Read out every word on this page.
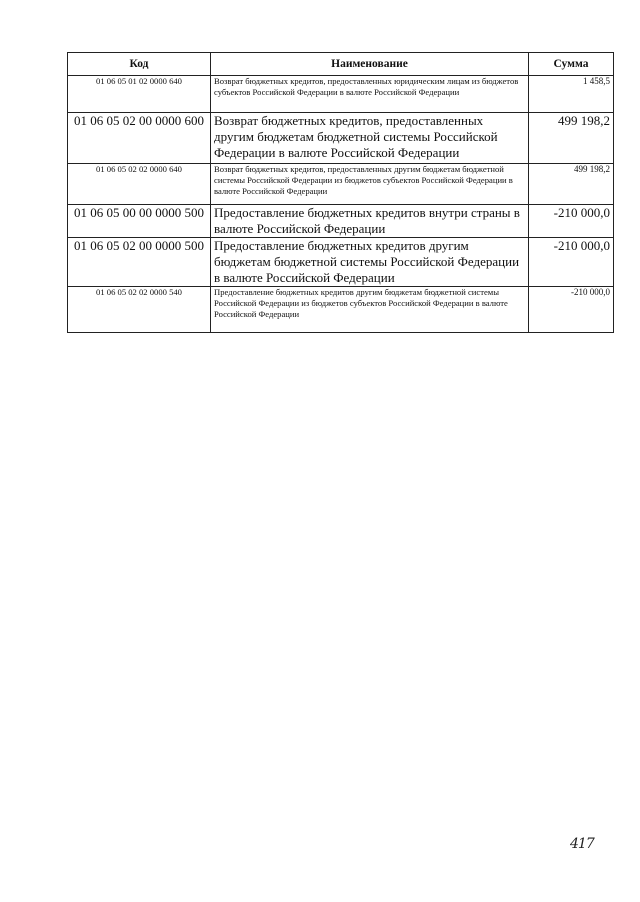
Код	Наименование	Сумма
01 06 05 01 02 0000 640	Возврат бюджетных кредитов, предоставленных юридическим лицам из бюджетов субъектов Российской Федерации в валюте Российской Федерации	1 458,5
01 06 05 02 00 0000 600	Возврат бюджетных кредитов, предоставленных другим бюджетам бюджетной системы Российской Федерации в валюте Российской Федерации	499 198,2
01 06 05 02 02 0000 640	Возврат бюджетных кредитов, предоставленных другим бюджетам бюджетной системы Российской Федерации из бюджетов субъектов Российской Федерации в валюте Российской Федерации	499 198,2
01 06 05 00 00 0000 500	Предоставление бюджетных кредитов внутри страны в валюте Российской Федерации	-210 000,0
01 06 05 02 00 0000 500	Предоставление бюджетных кредитов другим бюджетам бюджетной системы Российской Федерации в валюте Российской Федерации	-210 000,0
01 06 05 02 02 0000 540	Предоставление бюджетных кредитов другим бюджетам бюджетной системы Российской Федерации из бюджетов субъектов Российской Федерации в валюте Российской Федерации	-210 000,0
417
